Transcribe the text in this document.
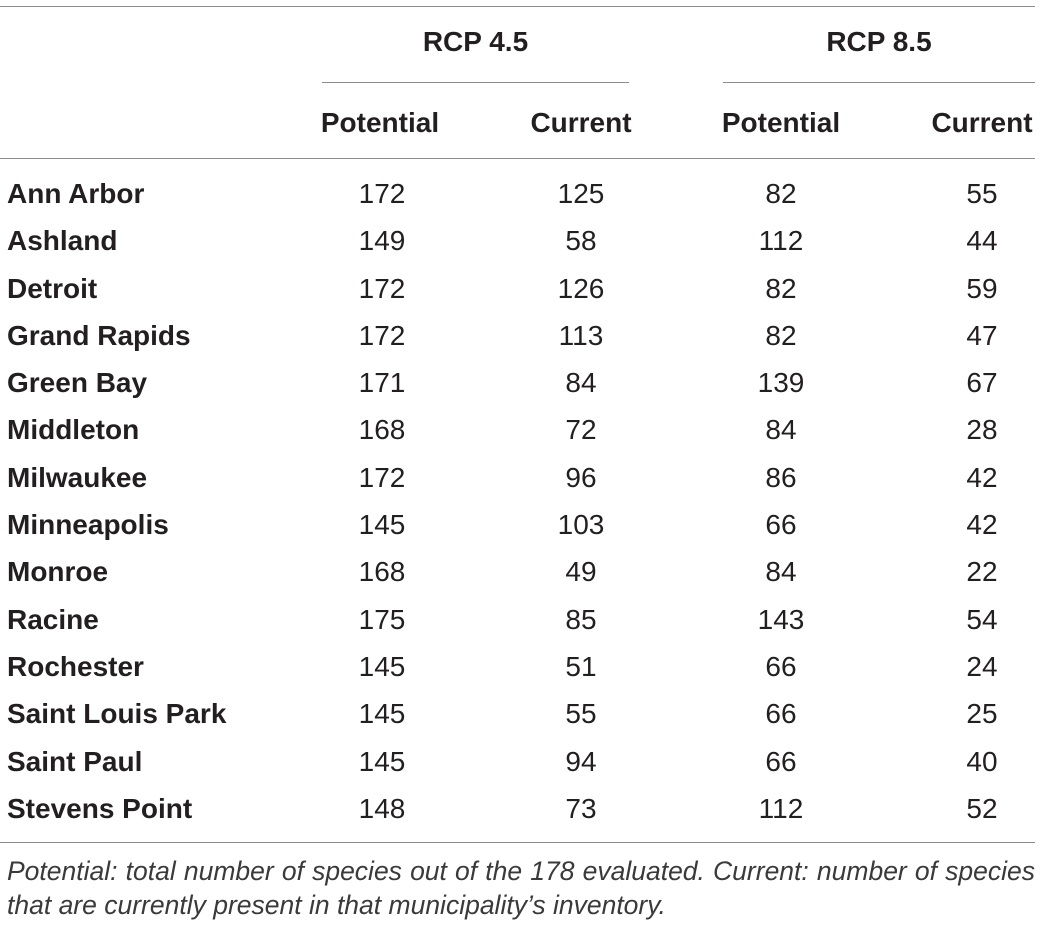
RCP 4.5	RCP 8.5
Potential	Current	Potential	Current
Ann Arbor	172	125	82	55
Ashland	149	58	112	44
Detroit	172	126	82	59
Grand Rapids	172	113	82	47
Green Bay	171	84	139	67
Middleton	168	72	84	28
Milwaukee	172	96	86	42
Minneapolis	145	103	66	42
Monroe	168	49	84	22
Racine	175	85	143	54
Rochester	145	51	66	24
Saint Louis Park	145	55	66	25
Saint Paul	145	94	66	40
Stevens Point	148	73	112	52
Potential: total number of species out of the 178 evaluated. Current: number of species that are currently present in that municipality’s inventory.
